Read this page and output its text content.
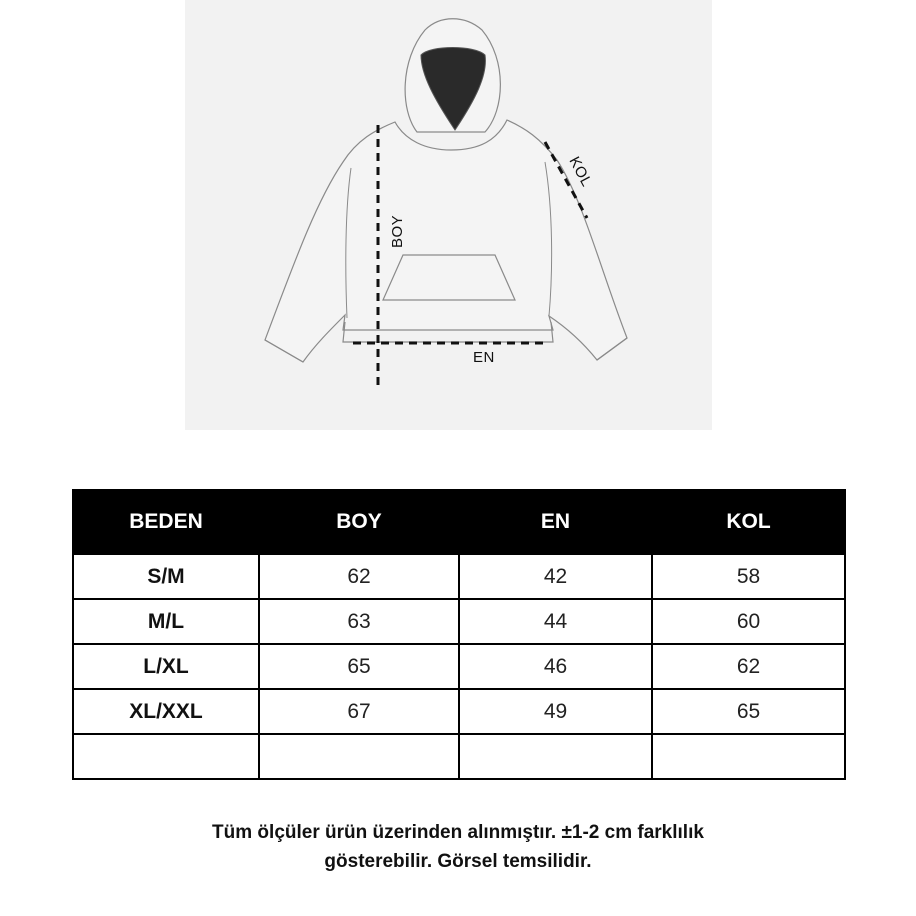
BOY
EN
KOL
BEDEN	BOY	EN	KOL
S/M	62	42	58
M/L	63	44	60
L/XL	65	46	62
XL/XXL	67	49	65

Tüm ölçüler ürün üzerinden alınmıştır. ±1-2 cm farklılık
gösterebilir. Görsel temsilidir.
